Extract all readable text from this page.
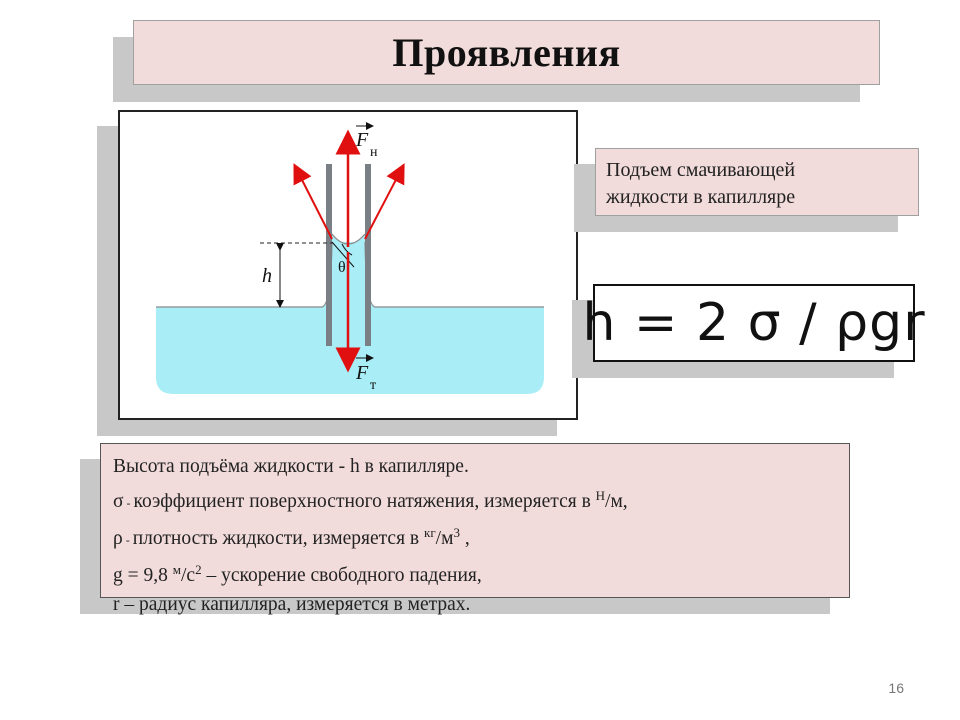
Проявления
h	θ
F
н
F
т
Подъем смачивающей
жидкости в капилляре
h = 2 σ / ρgr
Высота подъёма жидкости - h в капилляре.
σ - коэффициент поверхностного натяжения, измеряется в $^Н$/м,
ρ - плотность жидкости, измеряется в $^{кг}/м^3$ ,
g = 9,8 $^м/с^2$ – ускорение свободного падения,
r – радиус капилляра, измеряется в метрах.
16
